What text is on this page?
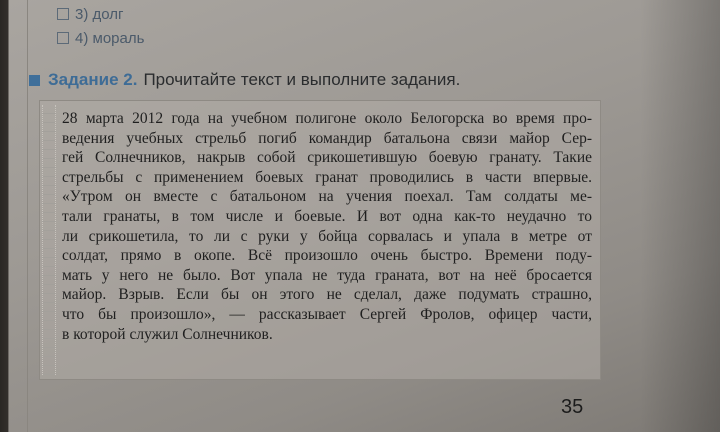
3) долг
4) мораль
Задание 2. Прочитайте текст и выполните задания.
28 марта 2012 года на учебном полигоне около Белогорска во время про-
ведения учебных стрельб погиб командир батальона связи майор Сер-
гей Солнечников, накрыв собой срикошетившую боевую гранату. Такие
стрельбы с применением боевых гранат проводились в части впервые.
«Утром он вместе с батальоном на учения поехал. Там солдаты ме-
тали гранаты, в том числе и боевые. И вот одна как-то неудачно то
ли срикошетила, то ли с руки у бойца сорвалась и упала в метре от
солдат, прямо в окопе. Всё произошло очень быстро. Времени поду-
мать у него не было. Вот упала не туда граната, вот на неё бросается
майор. Взрыв. Если бы он этого не сделал, даже подумать страшно,
что бы произошло», — рассказывает Сергей Фролов, офицер части,
в которой служил Солнечников.
35
